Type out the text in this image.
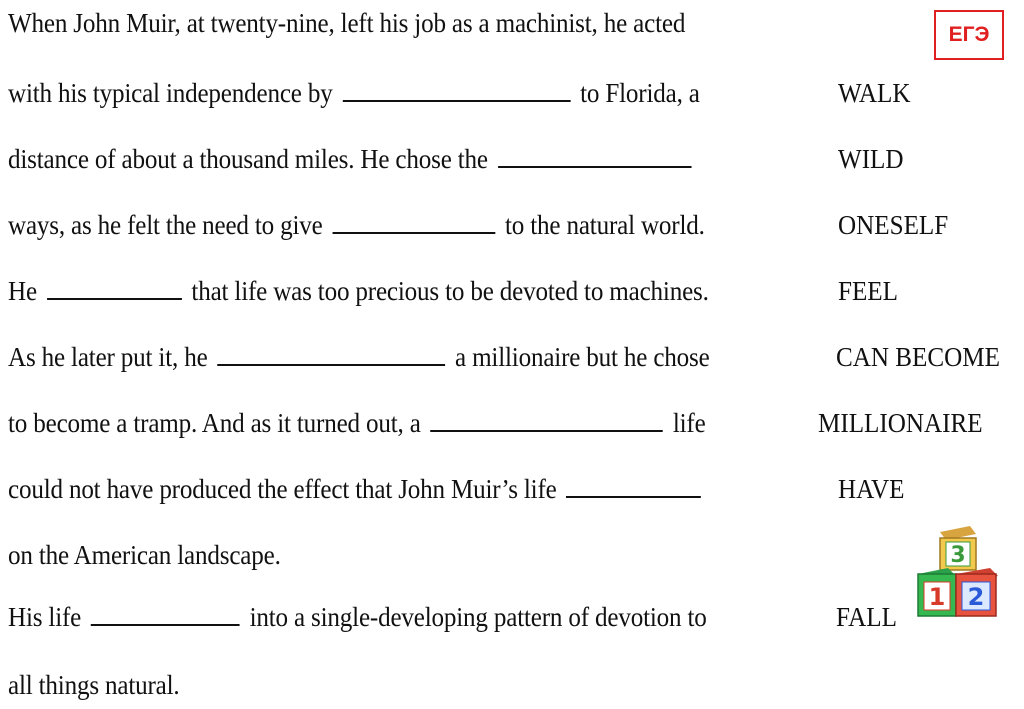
ЕГЭ
When John Muir, at twenty-nine, left his job as a machinist, he acted
with his typical independence by	to Florida, a
distance of about a thousand miles. He chose the
ways, as he felt the need to give	to the natural world.
He	that life was too precious to be devoted to machines.
As he later put it, he	a millionaire but he chose
to become a tramp. And as it turned out, a	life
could not have produced the effect that John Muir’s life
on the American landscape.
His life	into a single-developing pattern of devotion to
all things natural.
WALK
WILD
ONESELF
FEEL
CAN BECOME
MILLIONAIRE
HAVE
FALL
3
1 2
